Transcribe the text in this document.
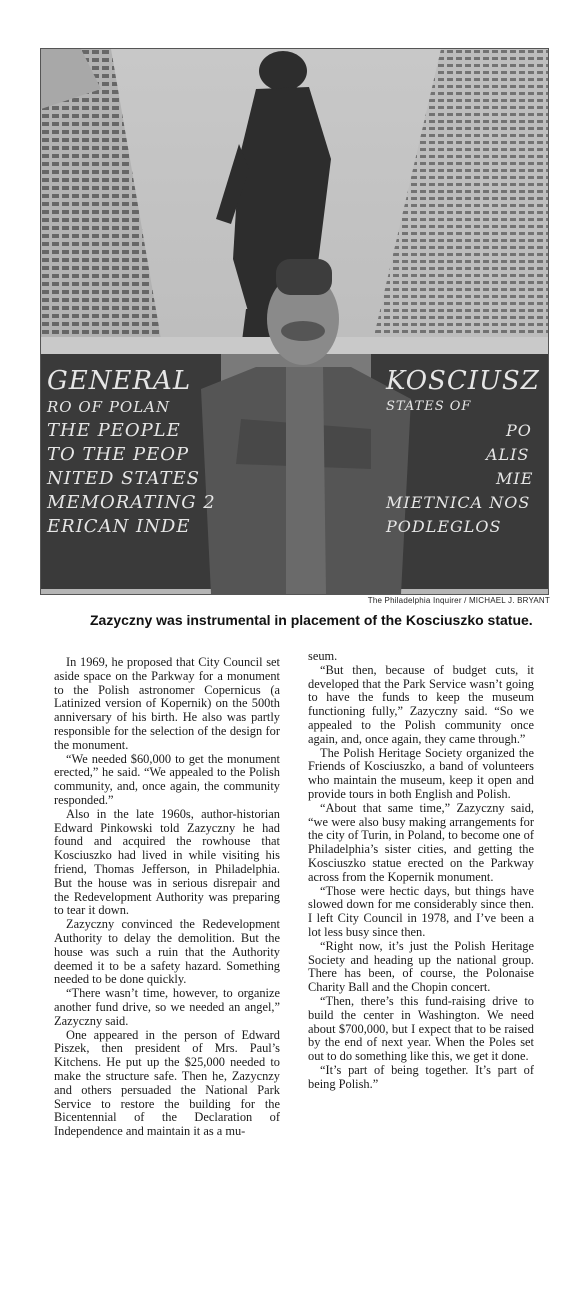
GENERAL
RO OF POLAN
THE PEOPLE
TO THE PEOP
NITED STATES
MEMORATING 2
ERICAN INDE
KOSCIUSZ
STATES OF
PO
ALIS
MIE
MIETNICA NOS
PODLEGLOS
The Philadelphia Inquirer / MICHAEL J. BRYANT
Zazyczny was instrumental in placement of the Kosciuszko statue.

In 1969, he proposed that City Council set aside space on the Parkway for a monument to the Polish astronomer Copernicus (a Latinized version of Kopernik) on the 500th anniversary of his birth. He also was partly responsible for the selection of the design for the monument.

“We needed $60,000 to get the monument erected,” he said. “We appealed to the Polish community, and, once again, the community responded.”

Also in the late 1960s, author-historian Edward Pinkowski told Zazyczny he had found and acquired the rowhouse that Kosciuszko had lived in while visiting his friend, Thomas Jefferson, in Philadelphia. But the house was in serious disrepair and the Redevelopment Authority was preparing to tear it down.

Zazyczny convinced the Redevelopment Authority to delay the demolition. But the house was such a ruin that the Authority deemed it to be a safety hazard. Something needed to be done quickly.

“There wasn’t time, however, to organize another fund drive, so we needed an angel,” Zazyczny said.

One appeared in the person of Edward Piszek, then president of Mrs. Paul’s Kitchens. He put up the $25,000 needed to make the structure safe. Then he, Zazycnzy and others persuaded the National Park Service to restore the building for the Bicentennial of the Declaration of Independence and maintain it as a mu-

seum.

“But then, because of budget cuts, it developed that the Park Service wasn’t going to have the funds to keep the museum functioning fully,” Zazyczny said. “So we appealed to the Polish community once again, and, once again, they came through.”

The Polish Heritage Society organized the Friends of Kosciuszko, a band of volunteers who maintain the museum, keep it open and provide tours in both English and Polish.

“About that same time,” Zazyczny said, “we were also busy making arrangements for the city of Turin, in Poland, to become one of Philadelphia’s sister cities, and getting the Kosciuszko statue erected on the Parkway across from the Kopernik monument.

“Those were hectic days, but things have slowed down for me considerably since then. I left City Council in 1978, and I’ve been a lot less busy since then.

“Right now, it’s just the Polish Heritage Society and heading up the national group. There has been, of course, the Polonaise Charity Ball and the Chopin concert.

“Then, there’s this fund-raising drive to build the center in Washington. We need about $700,000, but I expect that to be raised by the end of next year. When the Poles set out to do something like this, we get it done.

“It’s part of being together. It’s part of being Polish.”
